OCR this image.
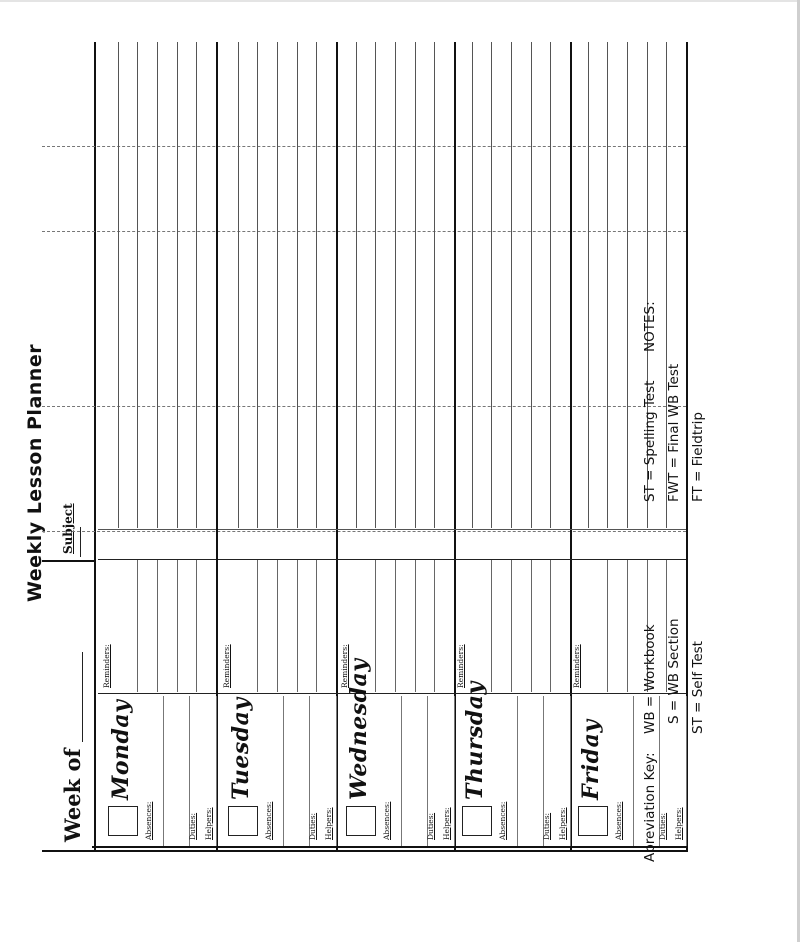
Weekly Lesson Planner
Week of
Subject
Monday
Absences:	Duties: Helpers:
Reminders:
Tuesday
Absences:	Duties: Helpers:
Reminders:	Wednesday
Absences:	Duties: Helpers:
Reminders:
Thursday
Absences:	Duties: Helpers:
Reminders:
Friday
Absences:	Duties: Helpers:
Reminders:
Abreviation Key:
WB = Workbook S = WB Section ST = Self Test
ST = Spelling Test FWT = Final WB Test FT = Fieldtrip
NOTES:
